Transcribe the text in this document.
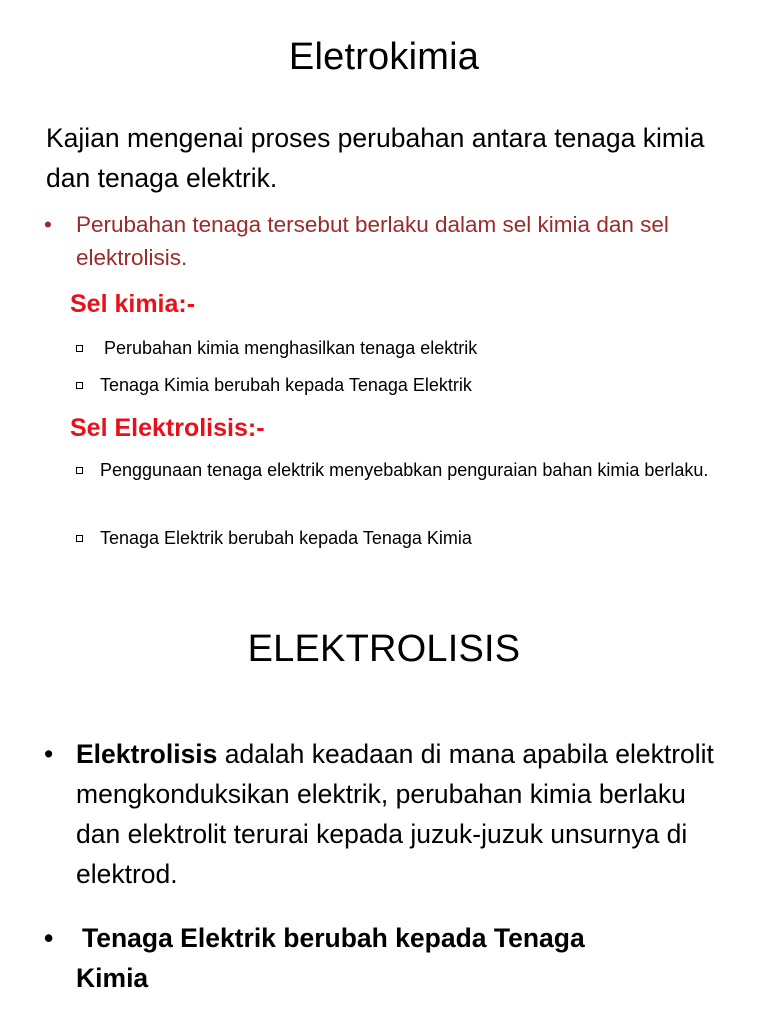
Eletrokimia

Kajian mengenai proses perubahan antara tenaga kimia dan tenaga elektrik.

•	Perubahan tenaga tersebut berlaku dalam sel kimia dan sel elektrolisis.
Sel kimia:-
Perubahan kimia menghasilkan tenaga elektrik
Tenaga Kimia berubah kepada Tenaga Elektrik
Sel Elektrolisis:-
Penggunaan tenaga elektrik menyebabkan penguraian bahan kimia berlaku.
Tenaga Elektrik berubah kepada Tenaga Kimia
ELEKTROLISIS
• Elektrolisis adalah keadaan di mana apabila elektrolit mengkonduksikan elektrik, perubahan kimia berlaku dan elektrolit terurai kepada juzuk-juzuk unsurnya di elektrod.
•	Tenaga Elektrik berubah kepada Tenaga
Kimia
